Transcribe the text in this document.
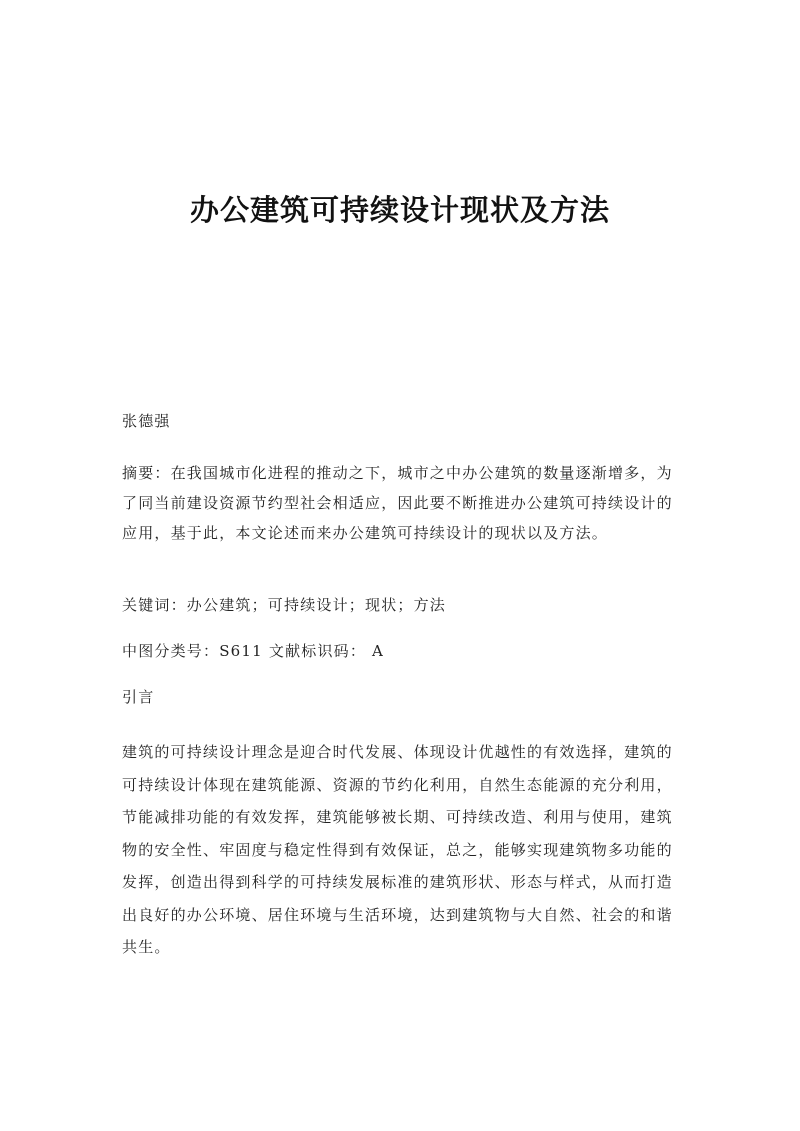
办公建筑可持续设计现状及方法

张德强

摘要：在我国城市化进程的推动之下，城市之中办公建筑的数量逐渐增多，为
了同当前建设资源节约型社会相适应，因此要不断推进办公建筑可持续设计的
应用，基于此，本文论述而来办公建筑可持续设计的现状以及方法。

关键词：办公建筑；可持续设计；现状；方法

中图分类号：S611 文献标识码： A

引言

建筑的可持续设计理念是迎合时代发展、体现设计优越性的有效选择，建筑的
可持续设计体现在建筑能源、资源的节约化利用，自然生态能源的充分利用，
节能减排功能的有效发挥，建筑能够被长期、可持续改造、利用与使用，建筑
物的安全性、牢固度与稳定性得到有效保证，总之，能够实现建筑物多功能的
发挥，创造出得到科学的可持续发展标准的建筑形状、形态与样式，从而打造
出良好的办公环境、居住环境与生活环境，达到建筑物与大自然、社会的和谐
共生。
